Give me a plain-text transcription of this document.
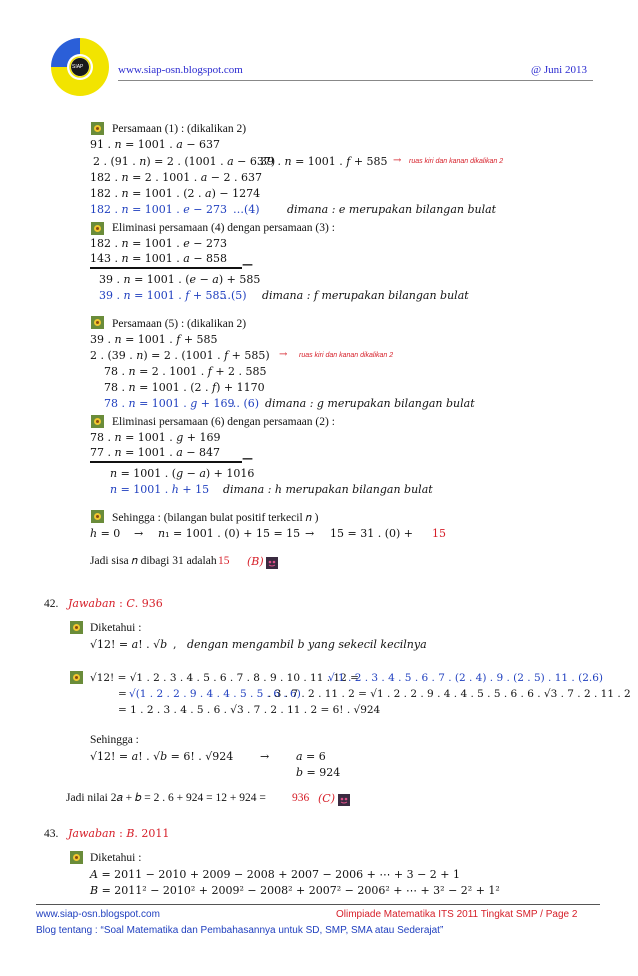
SIAP	www.siap-osn.blogspot.com	@ Juni 2013
Persamaan (1) : (dikalikan 2)
91 . 𝑛 = 1001 . 𝑎 − 637
2 . (91 . 𝑛) = 2 . (1001 . 𝑎 − 637)
39 . 𝑛 = 1001 . 𝑓 + 585 → ruas kiri dan kanan dikalikan 2
182 . 𝑛 = 2 . 1001 . 𝑎 − 2 . 637
182 . 𝑛 = 1001 . (2 . 𝑎) − 1274
182 . 𝑛 = 1001 . 𝑒 − 273 …(4) dimana : 𝑒 merupakan bilangan bulat
Eliminasi persamaan (4) dengan persamaan (3) :
182 . 𝑛 = 1001 . 𝑒 − 273
143 . 𝑛 = 1001 . 𝑎 − 858 —
39 . 𝑛 = 1001 . (𝑒 − 𝑎) + 585
39 . 𝑛 = 1001 . 𝑓 + 585
…(5) dimana : 𝑓 merupakan bilangan bulat
Persamaan (5) : (dikalikan 2)
39 . 𝑛 = 1001 . 𝑓 + 585
2 . (39 . 𝑛) = 2 . (1001 . 𝑓 + 585) → ruas kiri dan kanan dikalikan 2
78 . 𝑛 = 2 . 1001 . 𝑓 + 2 . 585
78 . 𝑛 = 1001 . (2 . 𝑓) + 1170
78 . 𝑛 = 1001 . 𝑔 + 169
… (6) dimana : 𝑔 merupakan bilangan bulat
Eliminasi persamaan (6) dengan persamaan (2) :
78 . 𝑛 = 1001 . 𝑔 + 169
77 . 𝑛 = 1001 . 𝑎 − 847 —
𝑛 = 1001 . (𝑔 − 𝑎) + 1016
𝑛 = 1001 . ℎ + 15 dimana : ℎ merupakan bilangan bulat
Sehingga : (bilangan bulat positif terkecil 𝑛 )
ℎ = 0 → 𝑛₁ = 1001 . (0) + 15 = 15 → 15 = 31 . (0) + 15
Jadi sisa 𝑛 dibagi 31 adalah 15 (𝐵)
42. 𝐽𝑎𝑤𝑎𝑏𝑎𝑛 : 𝐶. 936
Diketahui :
√12! = 𝑎! . √𝑏 , dengan mengambil 𝑏 yang sekecil kecilnya
√12! = √1 . 2 . 3 . 4 . 5 . 6 . 7 . 8 . 9 . 10 . 11 . 12 =
√ 1 . 2 . 3 . 4 . 5 . 6 . 7 . (2 . 4) . 9 . (2 . 5) . 11 . (2.6)
= √(1 . 2 . 2 . 9 . 4 . 4 . 5 . 5 . 6 . 6)
. 3 . 7 . 2 . 11 . 2 = √1 . 2 . 2 . 9 . 4 . 4 . 5 . 5 . 6 . 6 . √3 . 7 . 2 . 11 . 2
= 1 . 2 . 3 . 4 . 5 . 6 . √3 . 7 . 2 . 11 . 2 = 6! . √924
Sehingga :
√12! = 𝑎! . √𝑏 = 6! . √924 → 𝑎 = 6
𝑏 = 924
Jadi nilai 2𝑎 + 𝑏 = 2 . 6 + 924 = 12 + 924 = 936 (𝐶)
43. 𝐽𝑎𝑤𝑎𝑏𝑎𝑛 : 𝐵. 2011
Diketahui :
𝐴 = 2011 − 2010 + 2009 − 2008 + 2007 − 2006 + ⋯ + 3 − 2 + 1
𝐵 = 2011² − 2010² + 2009² − 2008² + 2007² − 2006² + ⋯ + 3² − 2² + 1²
www.siap-osn.blogspot.com	Olimpiade Matematika ITS 2011 Tingkat SMP / Page 2
Blog tentang : “Soal Matematika dan Pembahasannya untuk SD, SMP, SMA atau Sederajat”
